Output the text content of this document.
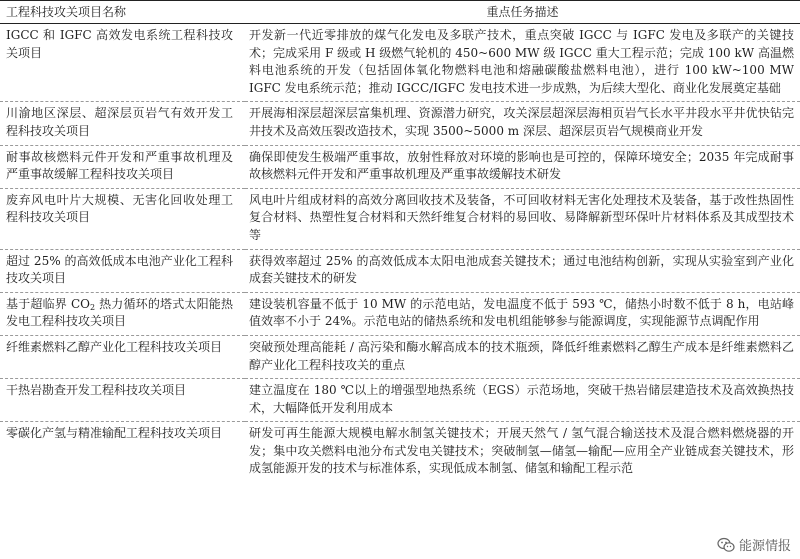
工程科技攻关项目名称	重点任务描述
IGCC 和 IGFC 高效发电系统工程科技攻关项目	开发新一代近零排放的煤气化发电及多联产技术，重点突破 IGCC 与 IGFC 发电及多联产的关键技术；完成采用 F 级或 H 级燃气轮机的 450~600 MW 级 IGCC 重大工程示范；完成 100 kW 高温燃料电池系统的开发（包括固体氧化物燃料电池和熔融碳酸盐燃料电池），进行 100 kW~100 MW IGFC 发电系统示范；推动 IGCC/IGFC 发电技术进一步成熟，为后续大型化、商业化发展奠定基础
川渝地区深层、超深层页岩气有效开发工程科技攻关项目	开展海相深层超深层富集机理、资源潜力研究，攻关深层超深层海相页岩气长水平井段水平井优快钻完井技术及高效压裂改造技术，实现 3500~5000 m 深层、超深层页岩气规模商业开发
耐事故核燃料元件开发和严重事故机理及严重事故缓解工程科技攻关项目	确保即使发生极端严重事故，放射性释放对环境的影响也是可控的，保障环境安全；2035 年完成耐事故核燃料元件开发和严重事故机理及严重事故缓解技术研发
废弃风电叶片大规模、无害化回收处理工程科技攻关项目	风电叶片组成材料的高效分离回收技术及装备，不可回收材料无害化处理技术及装备，基于改性热固性复合材料、热塑性复合材料和天然纤维复合材料的易回收、易降解新型环保叶片材料体系及其成型技术等
超过 25% 的高效低成本电池产业化工程科技攻关项目	获得效率超过 25% 的高效低成本太阳电池成套关键技术；通过电池结构创新，实现从实验室到产业化成套关键技术的研发
基于超临界 $CO_2$ 热力循环的塔式太阳能热发电工程科技攻关项目	建设装机容量不低于 10 MW 的示范电站，发电温度不低于 593 ℃，储热小时数不低于 8 h，电站峰值效率不小于 24%。示范电站的储热系统和发电机组能够参与能源调度，实现能源节点调配作用
纤维素燃料乙醇产业化工程科技攻关项目	突破预处理高能耗 / 高污染和酶水解高成本的技术瓶颈，降低纤维素燃料乙醇生产成本是纤维素燃料乙醇产业化工程科技攻关的重点
干热岩勘查开发工程科技攻关项目	建立温度在 180 ℃以上的增强型地热系统（EGS）示范场地，突破干热岩储层建造技术及高效换热技术，大幅降低开发利用成本
零碳化产氢与精准输配工程科技攻关项目	研发可再生能源大规模电解水制氢关键技术；开展天然气 / 氢气混合输送技术及混合燃料燃烧器的开发；集中攻关燃料电池分布式发电关键技术；突破制氢—储氢—输配—应用全产业链成套关键技术，形成氢能源开发的技术与标准体系，实现低成本制氢、储氢和输配工程示范
能源情报
